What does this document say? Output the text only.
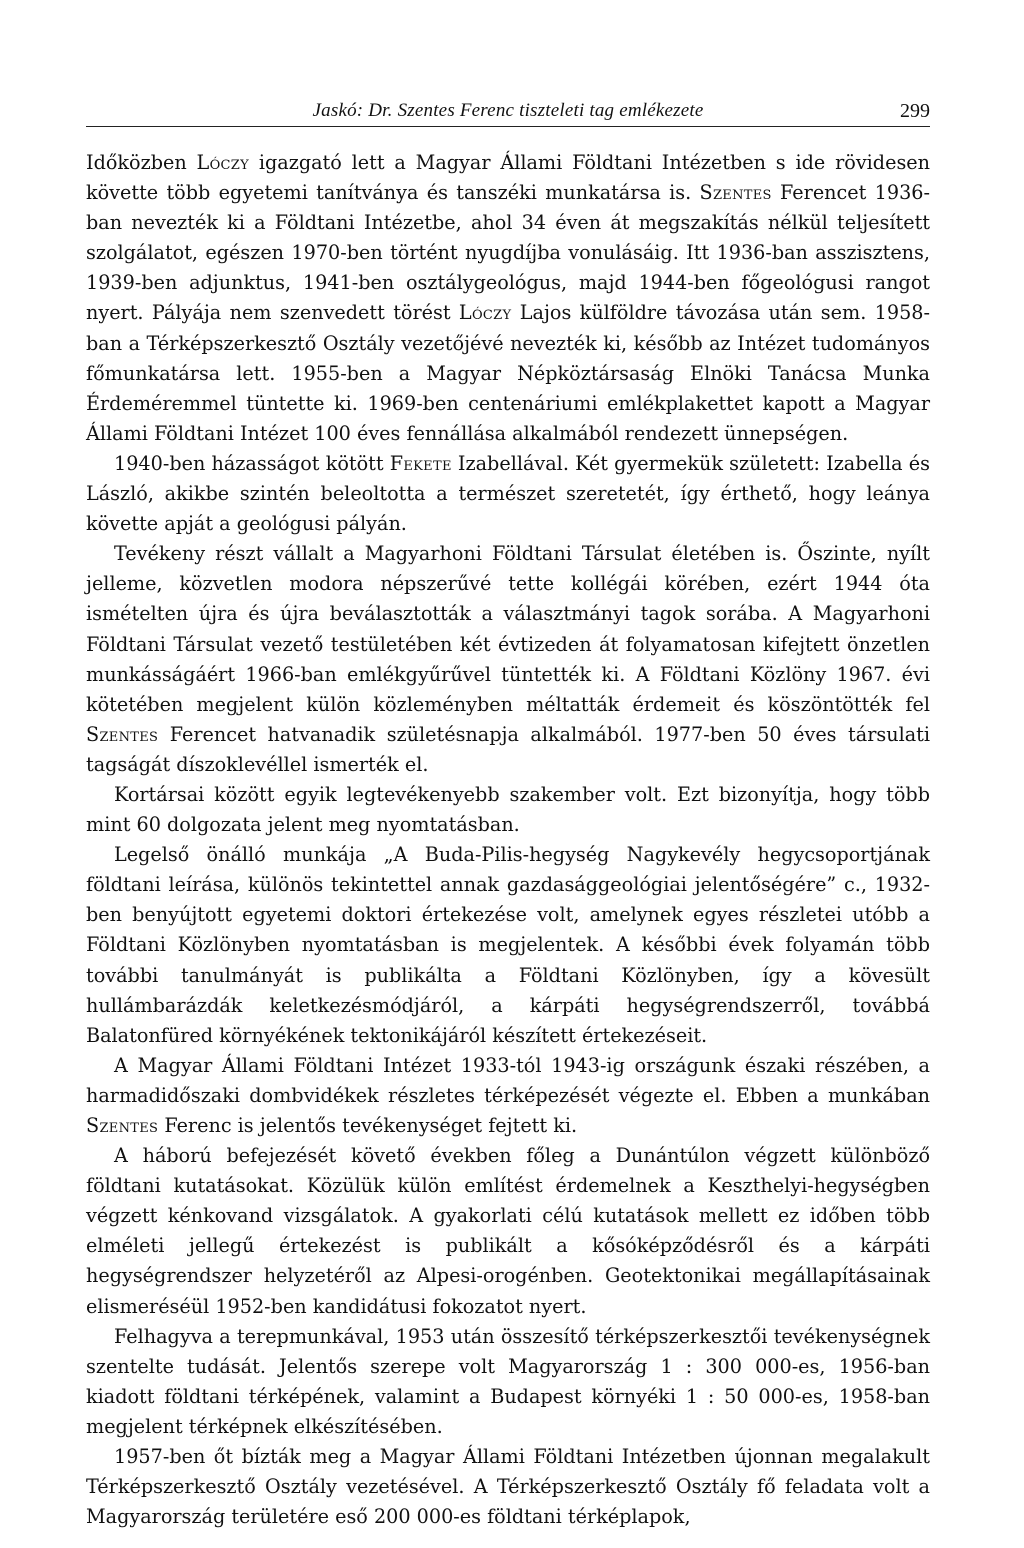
Jaskó: Dr. Szentes Ferenc tiszteleti tag emlékezete	299

Időközben Lóczy igazgató lett a Magyar Állami Földtani Intézetben s ide rövidesen követte több egyetemi tanítványa és tanszéki munkatársa is. Szentes Ferencet 1936-ban nevezték ki a Földtani Intézetbe, ahol 34 éven át megszakítás nélkül teljesített szolgálatot, egészen 1970-ben történt nyugdíjba vonulásáig. Itt 1936-ban asszisztens, 1939-ben adjunktus, 1941-ben osztálygeológus, majd 1944-ben főgeológusi rangot nyert. Pályája nem szenvedett törést Lóczy Lajos külföldre távozása után sem. 1958-ban a Térképszerkesztő Osztály vezetőjévé nevezték ki, később az Intézet tudományos főmunkatársa lett. 1955-ben a Magyar Népköztársaság Elnöki Tanácsa Munka Érdeméremmel tüntette ki. 1969-ben centenáriumi emlékplakettet kapott a Magyar Állami Földtani Intézet 100 éves fennállása alkalmából rendezett ünnepségen.

1940-ben házasságot kötött Fekete Izabellával. Két gyermekük született: Izabella és László, akikbe szintén beleoltotta a természet szeretetét, így érthető, hogy leánya követte apját a geológusi pályán.

Tevékeny részt vállalt a Magyarhoni Földtani Társulat életében is. Őszinte, nyílt jelleme, közvetlen modora népszerűvé tette kollégái körében, ezért 1944 óta ismételten újra és újra beválasztották a választmányi tagok sorába. A Magyarhoni Földtani Társulat vezető testületében két évtizeden át folyamatosan kifejtett önzetlen munkásságáért 1966-ban emlékgyűrűvel tüntették ki. A Földtani Közlöny 1967. évi kötetében megjelent külön közleményben méltatták érdemeit és köszöntötték fel Szentes Ferencet hatvanadik születésnapja alkalmából. 1977-ben 50 éves társulati tagságát díszoklevéllel ismerték el.

Kortársai között egyik legtevékenyebb szakember volt. Ezt bizonyítja, hogy több mint 60 dolgozata jelent meg nyomtatásban.

Legelső önálló munkája „A Buda-Pilis-hegység Nagykevély hegycsoportjának földtani leírása, különös tekintettel annak gazdasággeológiai jelentőségére” c., 1932-ben benyújtott egyetemi doktori értekezése volt, amelynek egyes részletei utóbb a Földtani Közlönyben nyomtatásban is megjelentek. A későbbi évek folyamán több további tanulmányát is publikálta a Földtani Közlönyben, így a kövesült hullámbarázdák keletkezésmódjáról, a kárpáti hegységrendszerről, továbbá Balatonfüred környékének tektonikájáról készített értekezéseit.

A Magyar Állami Földtani Intézet 1933-tól 1943-ig országunk északi részében, a harmadidőszaki dombvidékek részletes térképezését végezte el. Ebben a munkában Szentes Ferenc is jelentős tevékenységet fejtett ki.

A háború befejezését követő években főleg a Dunántúlon végzett különböző földtani kutatásokat. Közülük külön említést érdemelnek a Keszthelyi-hegységben végzett kénkovand vizsgálatok. A gyakorlati célú kutatások mellett ez időben több elméleti jellegű értekezést is publikált a kősóképződésről és a kárpáti hegységrendszer helyzetéről az Alpesi-orogénben. Geotektonikai megállapításainak elismeréséül 1952-ben kandidátusi fokozatot nyert.

Felhagyva a terepmunkával, 1953 után összesítő térképszerkesztői tevékenységnek szentelte tudását. Jelentős szerepe volt Magyarország 1 : 300 000-es, 1956-ban kiadott földtani térképének, valamint a Budapest környéki 1 : 50 000-es, 1958-ban megjelent térképnek elkészítésében.

1957-ben őt bízták meg a Magyar Állami Földtani Intézetben újonnan megalakult Térképszerkesztő Osztály vezetésével. A Térképszerkesztő Osztály fő feladata volt a Magyarország területére eső 200 000-es földtani térképlapok,
